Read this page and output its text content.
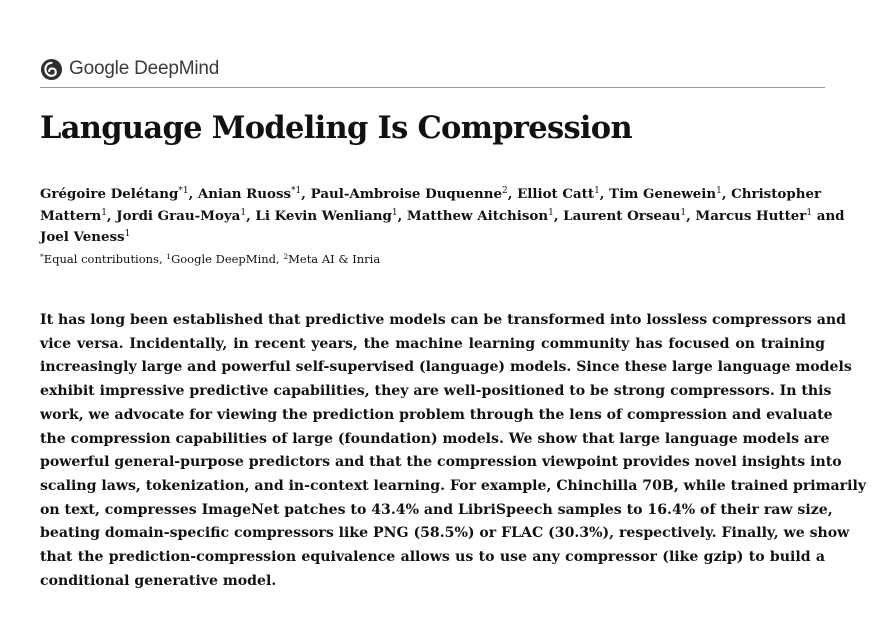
Google DeepMind
Language Modeling Is Compression
Grégoire Delétang$^{*1}$, Anian Ruoss$^{*1}$, Paul-Ambroise Duquenne$^2$, Elliot Catt$^1$, Tim Genewein$^1$, Christopher
Mattern$^1$, Jordi Grau-Moya$^1$, Li Kevin Wenliang$^1$, Matthew Aitchison$^1$, Laurent Orseau$^1$, Marcus Hutter$^1$ and
Joel Veness$^1$
*Equal contributions, $^1$Google DeepMind, $^2$Meta AI & Inria
It has long been established that predictive models can be transformed into lossless compressors and
vice versa. Incidentally, in recent years, the machine learning community has focused on training
increasingly large and powerful self-supervised (language) models. Since these large language models
exhibit impressive predictive capabilities, they are well-positioned to be strong compressors. In this
work, we advocate for viewing the prediction problem through the lens of compression and evaluate
the compression capabilities of large (foundation) models. We show that large language models are
powerful general-purpose predictors and that the compression viewpoint provides novel insights into
scaling laws, tokenization, and in-context learning. For example, Chinchilla 70B, while trained primarily
on text, compresses ImageNet patches to 43.4% and LibriSpeech samples to 16.4% of their raw size,
beating domain-specific compressors like PNG (58.5%) or FLAC (30.3%), respectively. Finally, we show
that the prediction-compression equivalence allows us to use any compressor (like gzip) to build a
conditional generative model.
